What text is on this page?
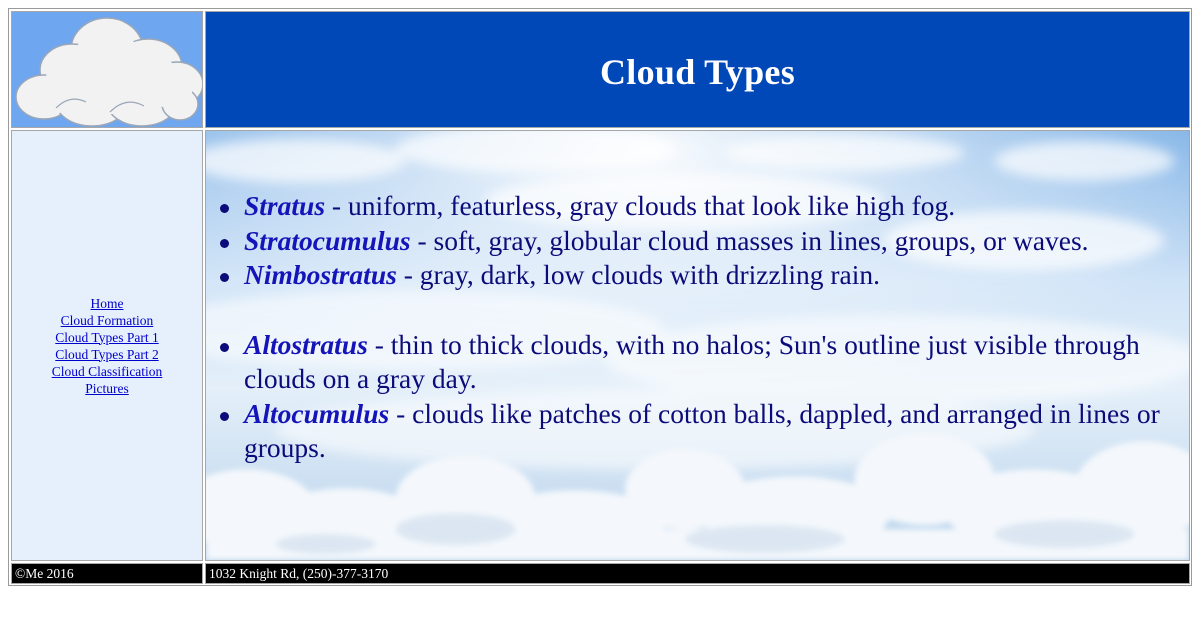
Cloud Types
Home
Cloud Formation
Cloud Types Part 1
Cloud Types Part 2
Cloud Classification
Pictures
Stratus - uniform, featurless, gray clouds that look like high fog.
Stratocumulus - soft, gray, globular cloud masses in lines, groups, or waves.
Nimbostratus - gray, dark, low clouds with drizzling rain.
Altostratus - thin to thick clouds, with no halos; Sun's outline just visible through clouds on a gray day.
Altocumulus - clouds like patches of cotton balls, dappled, and arranged in lines or groups.
©Me 2016	1032 Knight Rd, (250)-377-3170
